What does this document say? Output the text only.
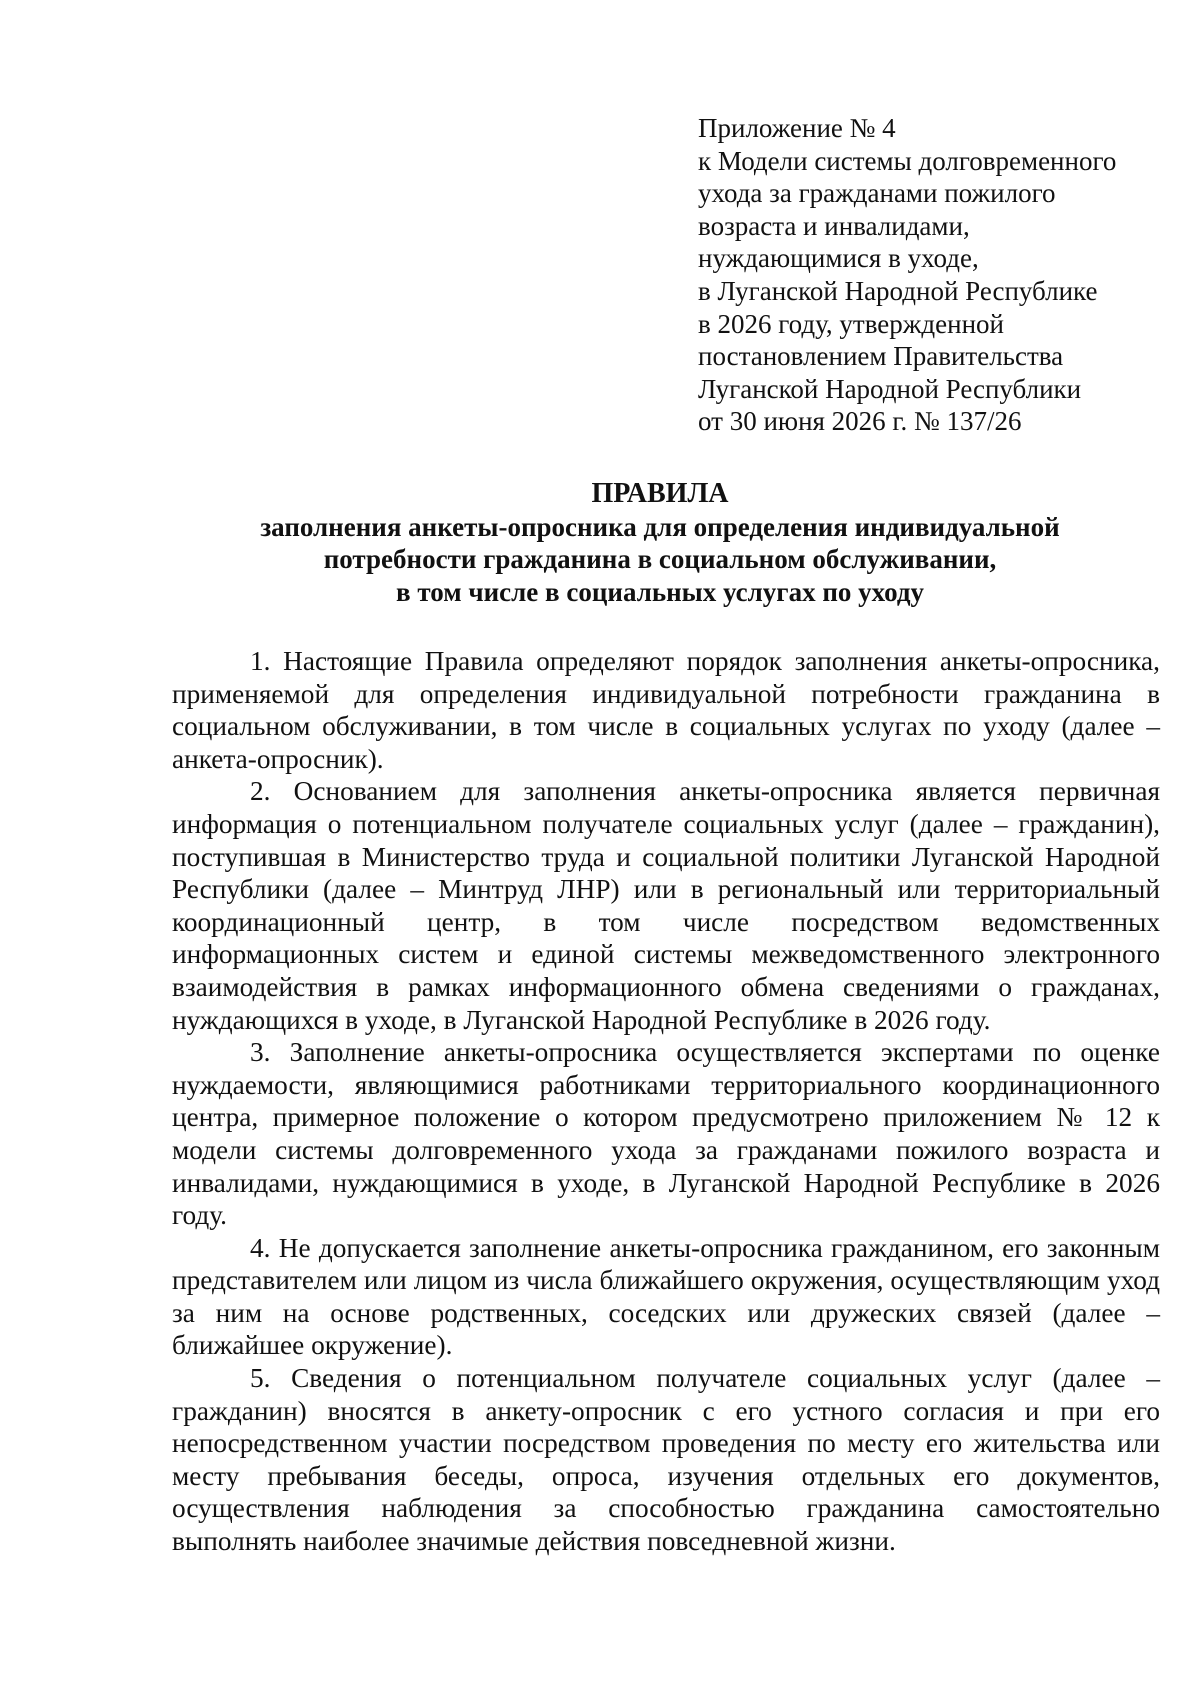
Приложение № 4
к Модели системы долговременного
ухода за гражданами пожилого
возраста и инвалидами,
нуждающимися в уходе,
в Луганской Народной Республике
в 2026 году, утвержденной
постановлением Правительства
Луганской Народной Республики
от 30 июня 2026 г. № 137/26
ПРАВИЛА
заполнения анкеты-опросника для определения индивидуальной
потребности гражданина в социальном обслуживании,
в том числе в социальных услугах по уходу

1. Настоящие Правила определяют порядок заполнения анкеты-опросника, применяемой для определения индивидуальной потребности гражданина в социальном обслуживании, в том числе в социальных услугах по уходу (далее – анкета-опросник).

2. Основанием для заполнения анкеты-опросника является первичная информация о потенциальном получателе социальных услуг (далее – гражданин), поступившая в Министерство труда и социальной политики Луганской Народной Республики (далее – Минтруд ЛНР) или в региональный или территориальный координационный центр, в том числе посредством ведомственных информационных систем и единой системы межведомственного электронного взаимодействия в рамках информационного обмена сведениями о гражданах, нуждающихся в уходе, в Луганской Народной Республике в 2026 году.

3. Заполнение анкеты-опросника осуществляется экспертами по оценке нуждаемости, являющимися работниками территориального координационного центра, примерное положение о котором предусмотрено приложением № 12 к модели системы долговременного ухода за гражданами пожилого возраста и инвалидами, нуждающимися в уходе, в Луганской Народной Республике в 2026 году.

4. Не допускается заполнение анкеты-опросника гражданином, его законным представителем или лицом из числа ближайшего окружения, осуществляющим уход за ним на основе родственных, соседских или дружеских связей (далее – ближайшее окружение).

5. Сведения о потенциальном получателе социальных услуг (далее – гражданин) вносятся в анкету-опросник с его устного согласия и при его непосредственном участии посредством проведения по месту его жительства или месту пребывания беседы, опроса, изучения отдельных его документов, осуществления наблюдения за способностью гражданина самостоятельно выполнять наиболее значимые действия повседневной жизни.
